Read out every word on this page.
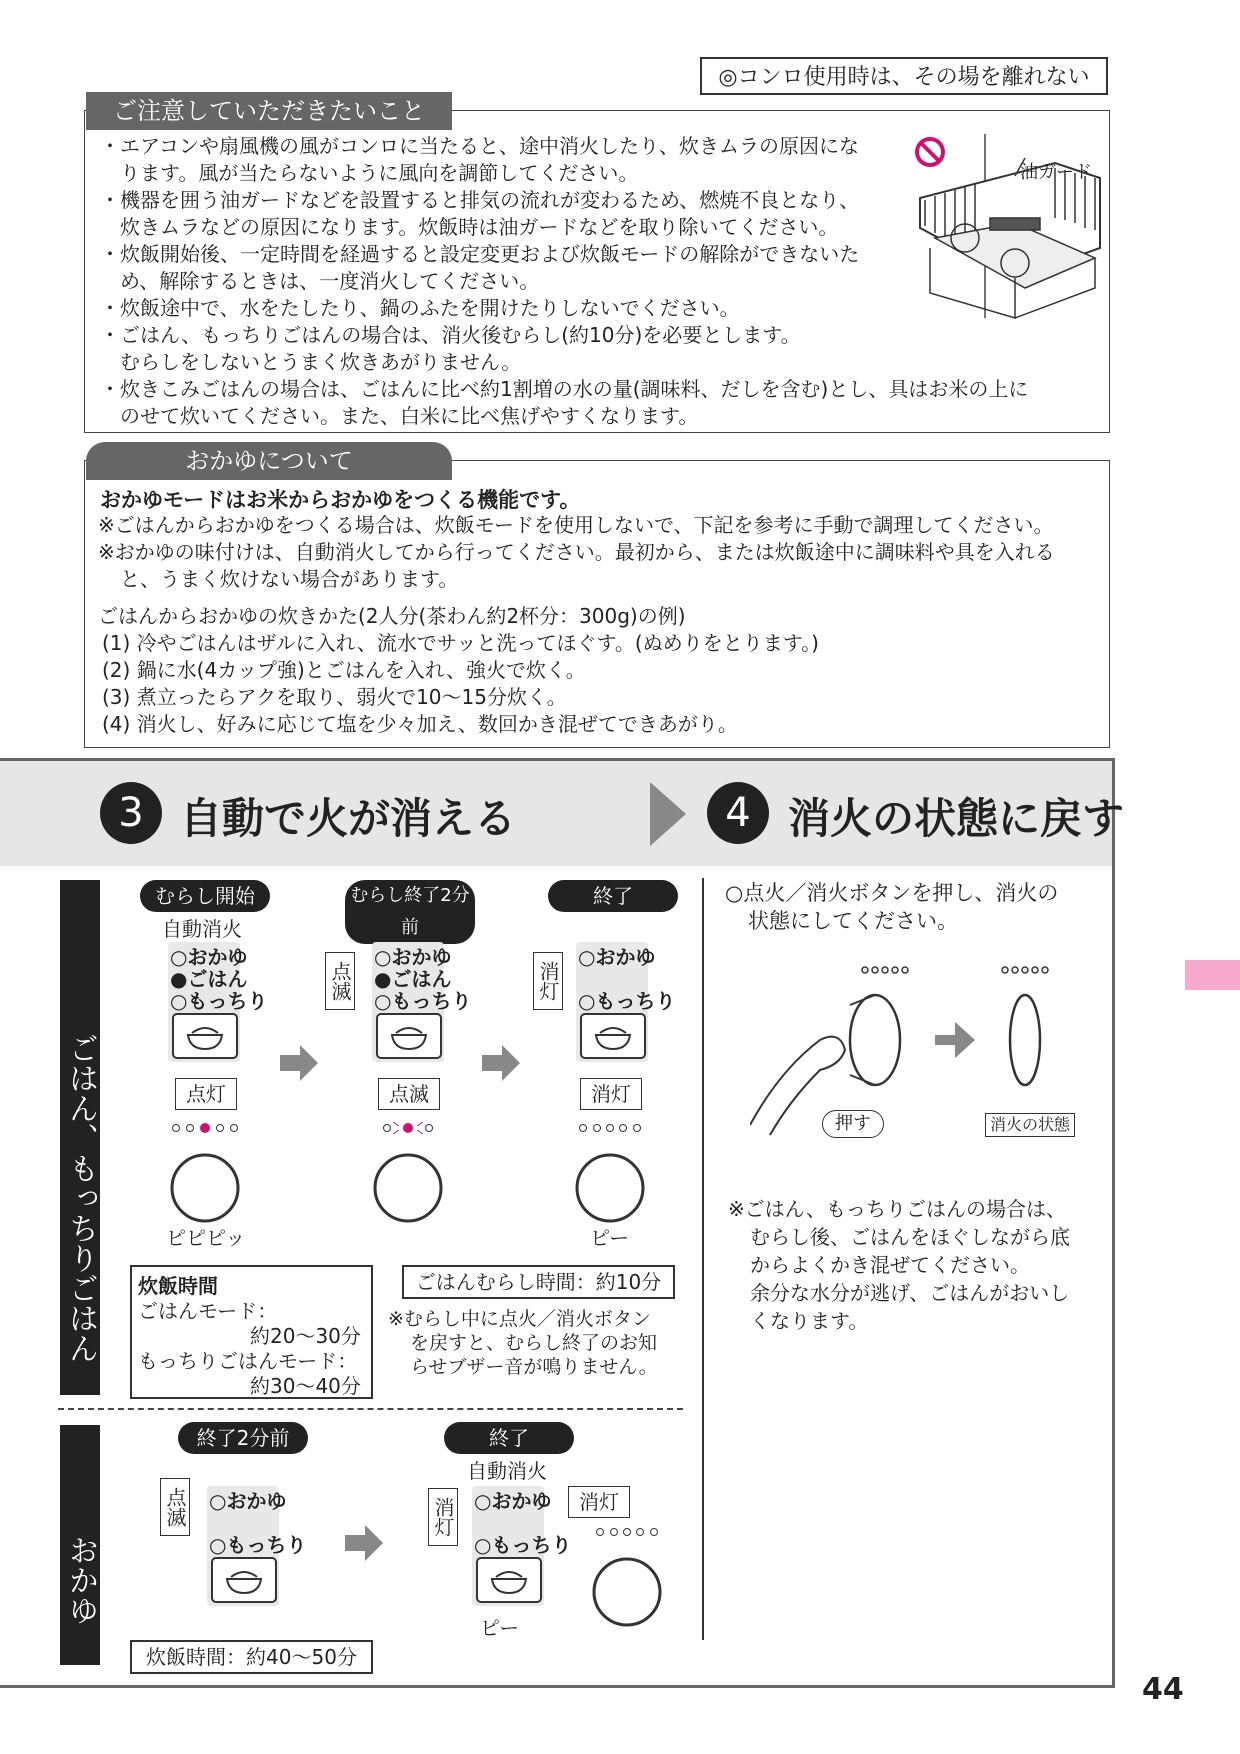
◎コンロ使用時は、その場を離れない
ご注意していただきたいこと
・エアコンや扇風機の風がコンロに当たると、途中消火したり、炊きムラの原因にな
ります。風が当たらないように風向を調節してください。
・機器を囲う油ガードなどを設置すると排気の流れが変わるため、燃焼不良となり、
炊きムラなどの原因になります。炊飯時は油ガードなどを取り除いてください。
・炊飯開始後、一定時間を経過すると設定変更および炊飯モードの解除ができないた
め、解除するときは、一度消火してください。
・炊飯途中で、水をたしたり、鍋のふたを開けたりしないでください。
・ごはん、もっちりごはんの場合は、消火後むらし(約10分)を必要とします。
むらしをしないとうまく炊きあがりません。
・炊きこみごはんの場合は、ごはんに比べ約1割増の水の量(調味料、だしを含む)とし、具はお米の上に
のせて炊いてください。また、白米に比べ焦げやすくなります。
油ガード
おかゆについて
おかゆモードはお米からおかゆをつくる機能です。
※ごはんからおかゆをつくる場合は、炊飯モードを使用しないで、下記を参考に手動で調理してください。
※おかゆの味付けは、自動消火してから行ってください。最初から、または炊飯途中に調味料や具を入れる
と、うまく炊けない場合があります。
ごはんからおかゆの炊きかた(2人分(茶わん約2杯分：300g)の例)
(1) 冷やごはんはザルに入れ、流水でサッと洗ってほぐす。(ぬめりをとります。)
(2) 鍋に水(4カップ強)とごはんを入れ、強火で炊く。
(3) 煮立ったらアクを取り、弱火で10〜15分炊く。
(4) 消火し、好みに応じて塩を少々加え、数回かき混ぜてできあがり。
3 自動で火が消える	4 消火の状態に戻す
ごはん、もっちりごはん
むらし開始	むらし終了2分前
終了
自動消火
○おかゆ
●ごはん
○もっちり	点滅
○おかゆ
●ごはん
○もっちり	消灯
○おかゆ
○もっちり
点灯	点滅	消灯
ピピピッ	ピー
炊飯時間
ごはんモード：
約20〜30分
もっちりごはんモード：
約30〜40分
ごはんむらし時間：約10分
※むらし中に点火／消火ボタン
を戻すと、むらし終了のお知
らせブザー音が鳴りません。
おかゆ
終了2分前	終了
自動消火
点滅 ○おかゆ
○もっちり
消灯 ○おかゆ
○もっちり
ピー
消灯
炊飯時間：約40〜50分
○点火／消火ボタンを押し、消火の
状態にしてください。
押す	消火の状態
※ごはん、もっちりごはんの場合は、
むらし後、ごはんをほぐしながら底
からよくかき混ぜてください。
余分な水分が逃げ、ごはんがおいし
くなります。
44
